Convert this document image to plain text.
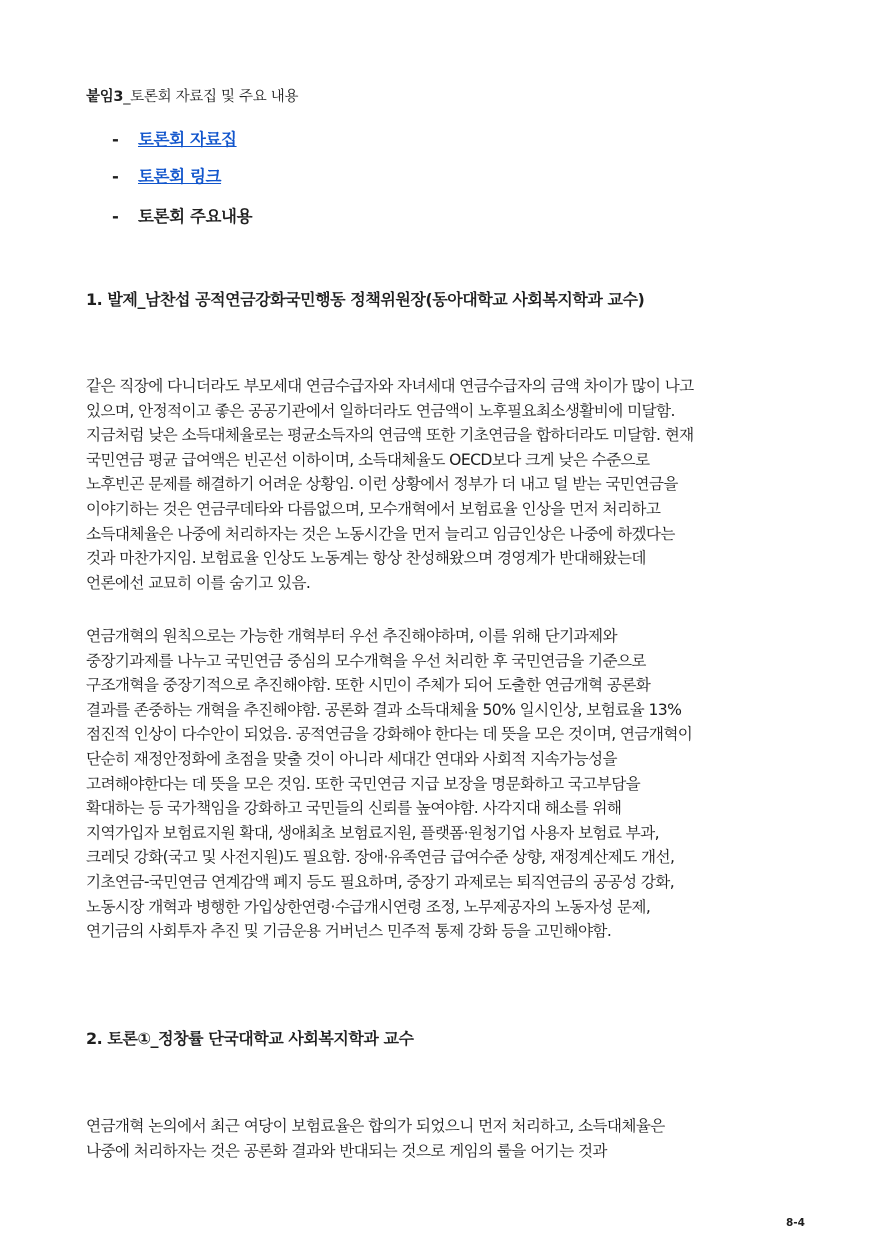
붙임3_토론회 자료집 및 주요 내용
- 토론회 자료집
- 토론회 링크
- 토론회 주요내용
1. 발제_남찬섭 공적연금강화국민행동 정책위원장(동아대학교 사회복지학과 교수)
같은 직장에 다니더라도 부모세대 연금수급자와 자녀세대 연금수급자의 금액 차이가 많이 나고
있으며, 안정적이고 좋은 공공기관에서 일하더라도 연금액이 노후필요최소생활비에 미달함.
지금처럼 낮은 소득대체율로는 평균소득자의 연금액 또한 기초연금을 합하더라도 미달함. 현재
국민연금 평균 급여액은 빈곤선 이하이며, 소득대체율도 OECD보다 크게 낮은 수준으로
노후빈곤 문제를 해결하기 어려운 상황임. 이런 상황에서 정부가 더 내고 덜 받는 국민연금을
이야기하는 것은 연금쿠데타와 다름없으며, 모수개혁에서 보험료율 인상을 먼저 처리하고
소득대체율은 나중에 처리하자는 것은 노동시간을 먼저 늘리고 임금인상은 나중에 하겠다는
것과 마찬가지임. 보험료율 인상도 노동계는 항상 찬성해왔으며 경영계가 반대해왔는데
언론에선 교묘히 이를 숨기고 있음.
연금개혁의 원칙으로는 가능한 개혁부터 우선 추진해야하며, 이를 위해 단기과제와
중장기과제를 나누고 국민연금 중심의 모수개혁을 우선 처리한 후 국민연금을 기준으로
구조개혁을 중장기적으로 추진해야함. 또한 시민이 주체가 되어 도출한 연금개혁 공론화
결과를 존중하는 개혁을 추진해야함. 공론화 결과 소득대체율 50% 일시인상, 보험료율 13%
점진적 인상이 다수안이 되었음. 공적연금을 강화해야 한다는 데 뜻을 모은 것이며, 연금개혁이
단순히 재정안정화에 초점을 맞출 것이 아니라 세대간 연대와 사회적 지속가능성을
고려해야한다는 데 뜻을 모은 것임. 또한 국민연금 지급 보장을 명문화하고 국고부담을
확대하는 등 국가책임을 강화하고 국민들의 신뢰를 높여야함. 사각지대 해소를 위해
지역가입자 보험료지원 확대, 생애최초 보험료지원, 플랫폼·원청기업 사용자 보험료 부과,
크레딧 강화(국고 및 사전지원)도 필요함. 장애·유족연금 급여수준 상향, 재정계산제도 개선,
기초연금-국민연금 연계감액 폐지 등도 필요하며, 중장기 과제로는 퇴직연금의 공공성 강화,
노동시장 개혁과 병행한 가입상한연령·수급개시연령 조정, 노무제공자의 노동자성 문제,
연기금의 사회투자 추진 및 기금운용 거버넌스 민주적 통제 강화 등을 고민해야함.
2. 토론①_정창률 단국대학교 사회복지학과 교수
연금개혁 논의에서 최근 여당이 보험료율은 합의가 되었으니 먼저 처리하고, 소득대체율은
나중에 처리하자는 것은 공론화 결과와 반대되는 것으로 게임의 룰을 어기는 것과
8-4
